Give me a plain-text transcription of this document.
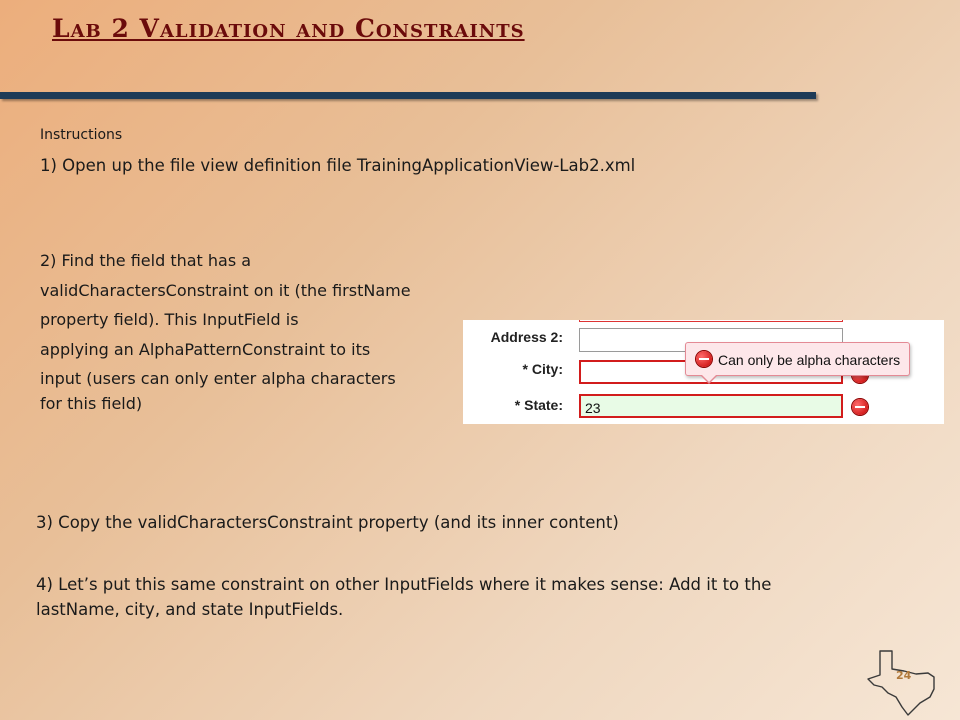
Lab 2 Validation and Constraints

Instructions

1) Open up the file view definition file TrainingApplicationView-Lab2.xml

2) Find the field that has a
validCharactersConstraint on it (the firstName
property field). This InputField is
applying an AlphaPatternConstraint to its
input (users can only enter alpha characters
for this field)

Address 2:
* City:
* State:	23
Can only be alpha characters

3) Copy the validCharactersConstraint property (and its inner content)

4) Let’s put this same constraint on other InputFields where it makes sense: Add it to the lastName, city, and state InputFields.

24
